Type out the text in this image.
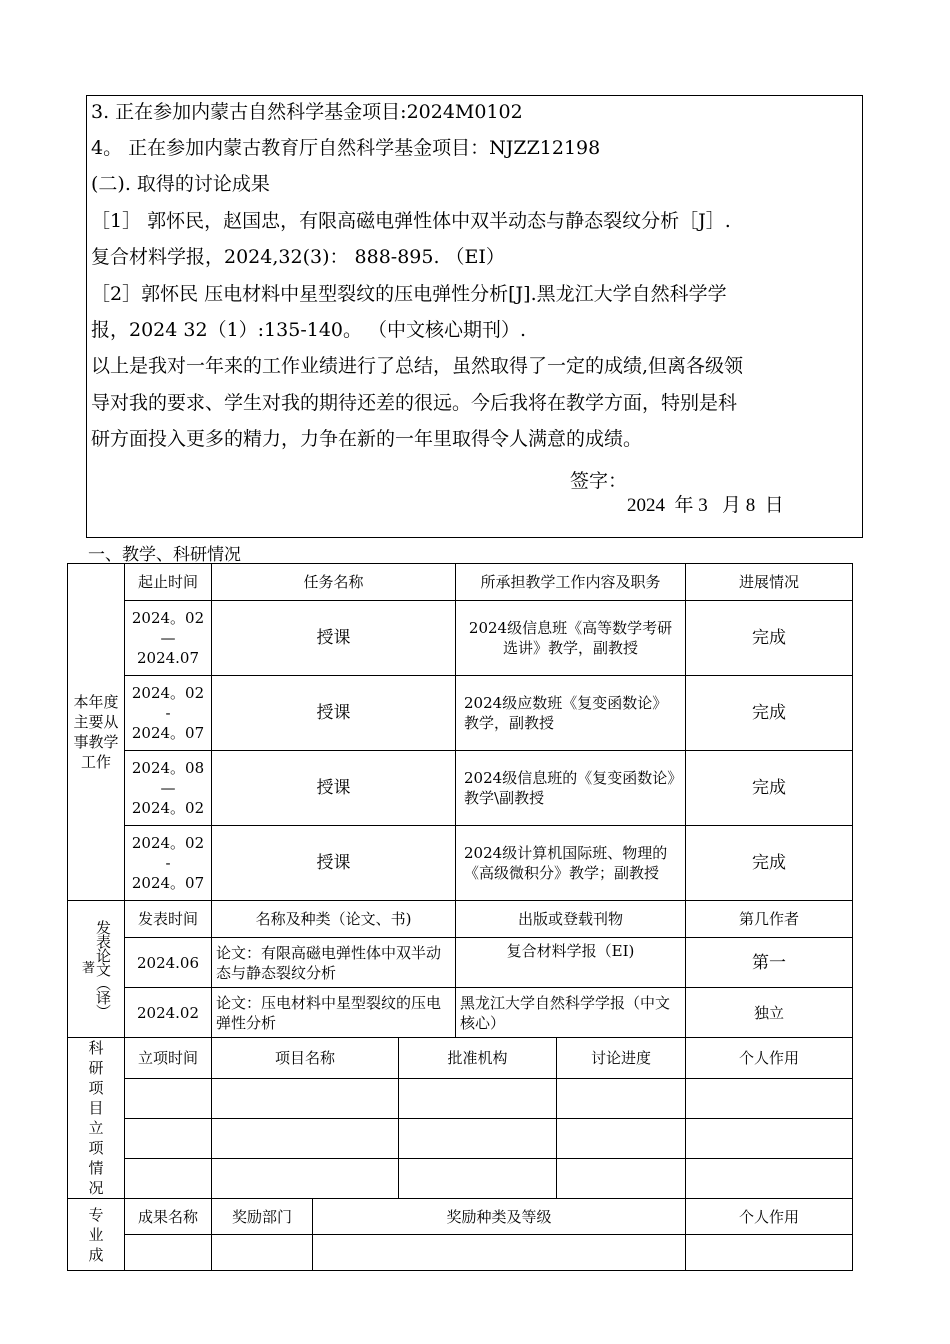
3. 正在参加内蒙古自然科学基金项目:2024M0102
4。 正在参加内蒙古教育厅自然科学基金项目：NJZZ12198
(二). 取得的讨论成果
［1］ 郭怀民，赵国忠，有限高磁电弹性体中双半动态与静态裂纹分析［J］.
复合材料学报，2024,32(3)： 888-895. （EI）
［2］郭怀民 压电材料中星型裂纹的压电弹性分析[J].黑龙江大学自然科学学
报，2024 32（1）:135-140。 （中文核心期刊）.
以上是我对一年来的工作业绩进行了总结，虽然取得了一定的成绩,但离各级领
导对我的要求、学生对我的期待还差的很远。今后我将在教学方面，特别是科
研方面投入更多的精力，力争在新的一年里取得令人满意的成绩。
签字：
2024  年 3   月 8  日
一、教学、科研情况
本年度主要从事教学工作	起止时间	任务名称			所承担教学工作内容及职务		进展情况

	2024。02
—
2024.07	授课			2024级信息班《高等数学考研选讲》教学，副教授		完成

	2024。02
-
2024。07	授课			2024级应数班《复变函数论》教学，副教授		完成

	2024。08
—
2024。02	授课			2024级信息班的《复变函数论》教学\副教授		完成

	2024。02
-
2024。07	授课			2024级计算机国际班、物理的《高级微积分》教学；副教授		完成
著发表论文（译）	发表时间	名称及种类（论文、书)			出版或登载刊物		第几作者
	2024.06	论文：有限高磁电弹性体中双半动态与静态裂纹分析			复合材料学报（EI)		第一
	2024.02	论文：压电材料中星型裂纹的压电弹性分析			黑龙江大学自然科学学报（中文核心）		独立
科研项目立项情况	立项时间	项目名称		批准机构		讨论进度	个人作用

专业成	成果名称	奖励部门	奖励种类及等级				个人作用
